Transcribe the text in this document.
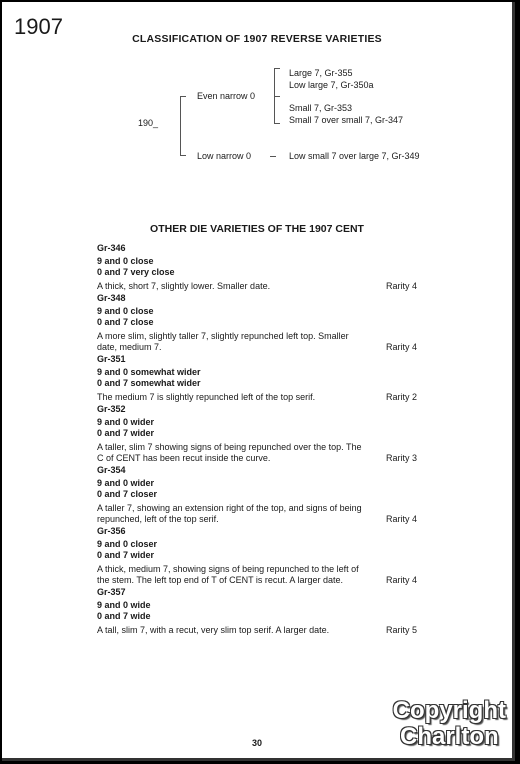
1907	CLASSIFICATION OF 1907 REVERSE VARIETIES
190_
Even narrow 0
Low narrow 0
Large 7, Gr-355
Low large 7, Gr-350a
Small 7, Gr-353
Small 7 over small 7, Gr-347
Low small 7 over large 7, Gr-349
OTHER DIE VARIETIES OF THE 1907 CENT
Gr-346
9 and 0 close
0 and 7 very close
A thick, short 7, slightly lower. Smaller date.	Rarity 4
Gr-348
9 and 0 close
0 and 7 close
A more slim, slightly taller 7, slightly repunched left top. Smaller date, medium 7.	Rarity 4
Gr-351
9 and 0 somewhat wider
0 and 7 somewhat wider
The medium 7 is slightly repunched left of the top serif.	Rarity 2
Gr-352
9 and 0 wider
0 and 7 wider
A taller, slim 7 showing signs of being repunched over the top. The C of CENT has been recut inside the curve.	Rarity 3
Gr-354
9 and 0 wider
0 and 7 closer
A taller 7, showing an extension right of the top, and signs of being repunched, left of the top serif.	Rarity 4
Gr-356
9 and 0 closer
0 and 7 wider
A thick, medium 7, showing signs of being repunched to the left of the stem. The left top end of T of CENT is recut. A larger date.	Rarity 4
Gr-357
9 and 0 wide
0 and 7 wide
A tall, slim 7, with a recut, very slim top serif. A larger date.	Rarity 5
30
Copyright
Charlton
